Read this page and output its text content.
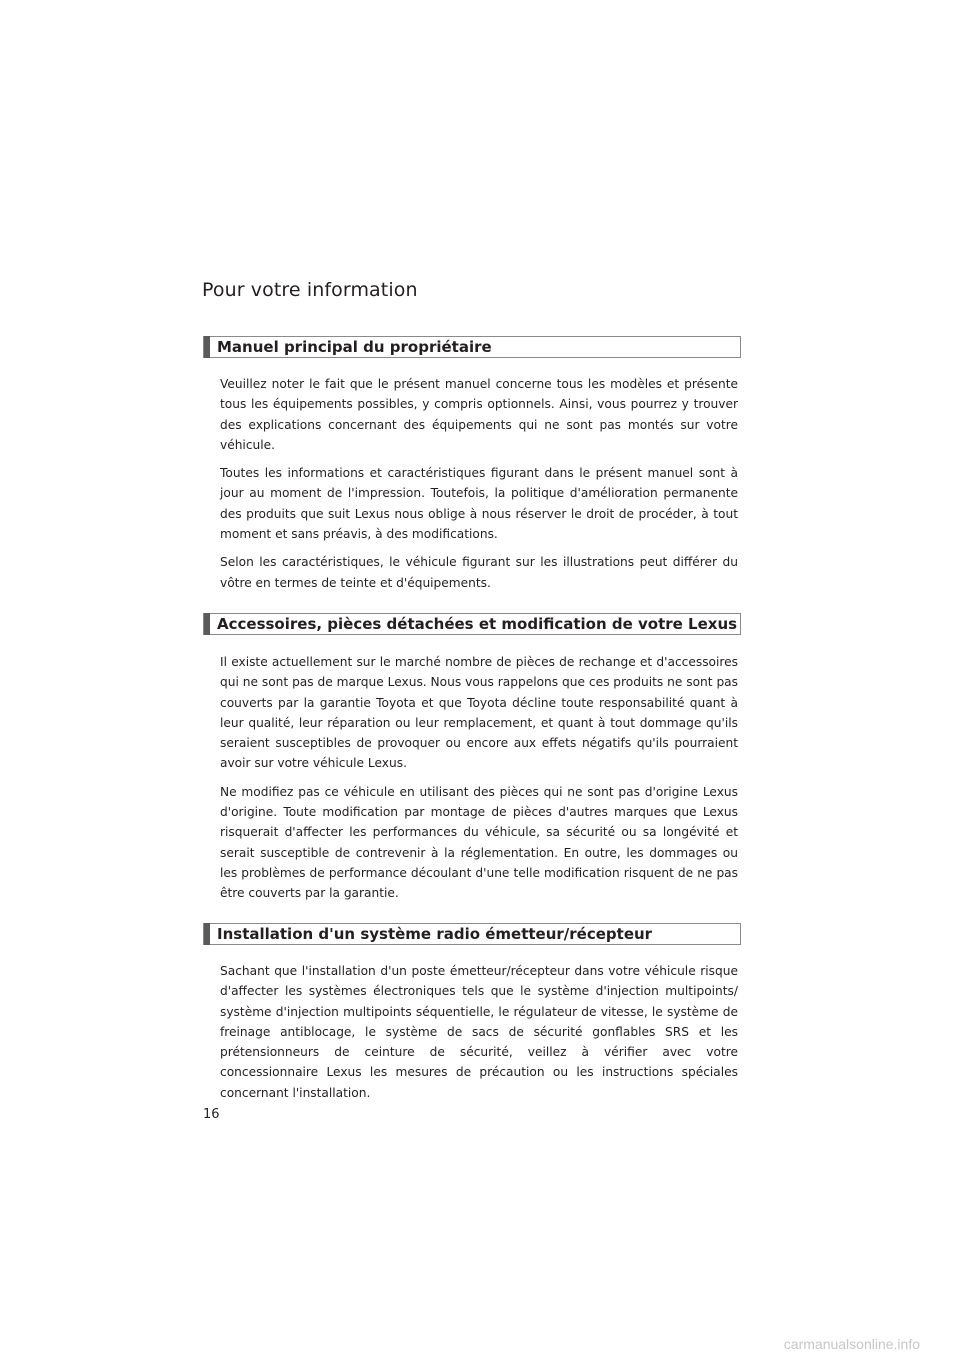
Pour votre information
Manuel principal du propriétaire

Veuillez noter le fait que le présent manuel concerne tous les modèles et présente tous les équipements possibles, y compris optionnels. Ainsi, vous pourrez y trouver des explications concernant des équipements qui ne sont pas montés sur votre véhicule.

Toutes les informations et caractéristiques figurant dans le présent manuel sont à jour au moment de l'impression. Toutefois, la politique d'amélioration permanente des produits que suit Lexus nous oblige à nous réserver le droit de procéder, à tout moment et sans préavis, à des modifications.

Selon les caractéristiques, le véhicule figurant sur les illustrations peut différer du vôtre en termes de teinte et d'équipements.

Accessoires, pièces détachées et modification de votre Lexus

Il existe actuellement sur le marché nombre de pièces de rechange et d'accessoires qui ne sont pas de marque Lexus. Nous vous rappelons que ces produits ne sont pas couverts par la garantie Toyota et que Toyota décline toute responsabilité quant à leur qualité, leur réparation ou leur remplacement, et quant à tout dommage qu'ils seraient susceptibles de provoquer ou encore aux effets négatifs qu'ils pourraient avoir sur votre véhicule Lexus.

Ne modifiez pas ce véhicule en utilisant des pièces qui ne sont pas d'origine Lexus d'origine. Toute modification par montage de pièces d'autres marques que Lexus risquerait d'affecter les performances du véhicule, sa sécurité ou sa longévité et serait susceptible de contrevenir à la réglementation. En outre, les dommages ou les problèmes de performance découlant d'une telle modification risquent de ne pas être couverts par la garantie.

Installation d'un système radio émetteur/récepteur

Sachant que l'installation d'un poste émetteur/récepteur dans votre véhicule risque d'affecter les systèmes électroniques tels que le système d'injection multipoints/ système d'injection multipoints séquentielle, le régulateur de vitesse, le système de freinage antiblocage, le système de sacs de sécurité gonflables SRS et les prétensionneurs de ceinture de sécurité, veillez à vérifier avec votre concessionnaire Lexus les mesures de précaution ou les instructions spéciales concernant l'installation.

16
carmanualsonline.info
